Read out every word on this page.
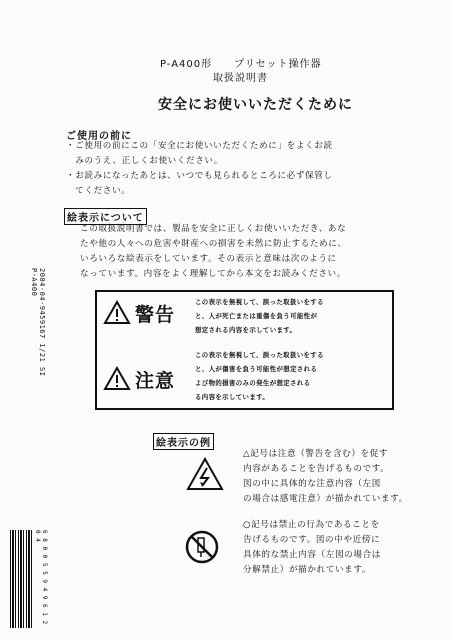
P-A400形　　プリセット操作器
取扱説明書
安全にお使いいただくために
ご使用の前に
・ご使用の前にこの「安全にお使いいただくために」をよくお読
　みのうえ、正しくお使いください。
・お読みになったあとは、いつでも見られるところに必ず保管し
　てください。
絵表示について
この取扱説明書では、製品を安全に正しくお使いいただき、あな
たや他の人々への危害や財産への損害を未然に防止するために、
いろいろな絵表示をしています。その表示と意味は次のように
なっています。内容をよく理解してから本文をお読みください。
警告
この表示を無視して、誤った取扱いをする
と、人が死亡または重傷を負う可能性が
想定される内容を示しています。
注意
この表示を無視して、誤った取扱いをする
と、人が傷害を負う可能性が想定される
よび物的損害のみの発生が想定される
る内容を示しています。
絵表示の例
△記号は注意（警告を含む）を促す
内容があることを告げるものです。
図の中に具体的な注意内容（左図
の場合は感電注意）が描かれています。
○記号は禁止の行為であることを
告げるものです。図の中や近傍に
具体的な禁止内容（左図の場合は
分解禁止）が描かれています。
2004-04-9459167 1/21 SI
P-A400
6 8 0 0 5 5 9 4 9 6 1 2 0 4
